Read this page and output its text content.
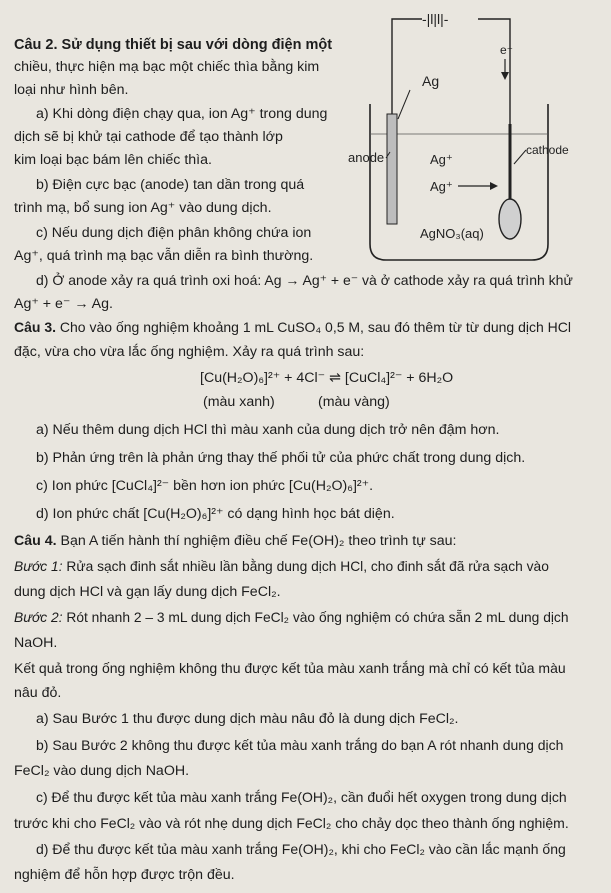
Câu 2. Sử dụng thiết bị sau với dòng điện một
chiều, thực hiện mạ bạc một chiếc thìa bằng kim
loại như hình bên.
a) Khi dòng điện chạy qua, ion Ag⁺ trong dung
dịch sẽ bị khử tại cathode để tạo thành lớp
kim loại bạc bám lên chiếc thìa.
b) Điện cực bạc (anode) tan dần trong quá
trình mạ, bổ sung ion Ag⁺ vào dung dịch.
c) Nếu dung dịch điện phân không chứa ion
Ag⁺, quá trình mạ bạc vẫn diễn ra bình thường.
d) Ở anode xảy ra quá trình oxi hoá: Ag → Ag⁺ + e⁻ và ở cathode xảy ra quá trình khử
Ag⁺ + e⁻ → Ag.
-|l|l|-
e⁻
Ag
anode	cathode
Ag⁺
Ag⁺
AgNO₃(aq)
Câu 3. Cho vào ống nghiệm khoảng 1 mL CuSO₄ 0,5 M, sau đó thêm từ từ dung dịch HCl
đặc, vừa cho vừa lắc ống nghiệm. Xảy ra quá trình sau:
[Cu(H₂O)₆]²⁺ + 4Cl⁻ ⇌ [CuCl₄]²⁻ + 6H₂O
(màu xanh)	(màu vàng)
a) Nếu thêm dung dịch HCl thì màu xanh của dung dịch trở nên đậm hơn.
b) Phản ứng trên là phản ứng thay thế phối tử của phức chất trong dung dịch.
c) Ion phức [CuCl₄]²⁻ bền hơn ion phức [Cu(H₂O)₆]²⁺.
d) Ion phức chất [Cu(H₂O)₆]²⁺ có dạng hình học bát diện.
Câu 4. Bạn A tiến hành thí nghiệm điều chế Fe(OH)₂ theo trình tự sau:
Bước 1: Rửa sạch đinh sắt nhiều lần bằng dung dịch HCl, cho đinh sắt đã rửa sạch vào
dung dịch HCl và gạn lấy dung dịch FeCl₂.
Bước 2: Rót nhanh 2 – 3 mL dung dịch FeCl₂ vào ống nghiệm có chứa sẵn 2 mL dung dịch
NaOH.
Kết quả trong ống nghiệm không thu được kết tủa màu xanh trắng mà chỉ có kết tủa màu
nâu đỏ.
a) Sau Bước 1 thu được dung dịch màu nâu đỏ là dung dịch FeCl₂.
b) Sau Bước 2 không thu được kết tủa màu xanh trắng do bạn A rót nhanh dung dịch
FeCl₂ vào dung dịch NaOH.
c) Để thu được kết tủa màu xanh trắng Fe(OH)₂, cần đuổi hết oxygen trong dung dịch
trước khi cho FeCl₂ vào và rót nhẹ dung dịch FeCl₂ cho chảy dọc theo thành ống nghiệm.
d) Để thu được kết tủa màu xanh trắng Fe(OH)₂, khi cho FeCl₂ vào cần lắc mạnh ống
nghiệm để hỗn hợp được trộn đều.
